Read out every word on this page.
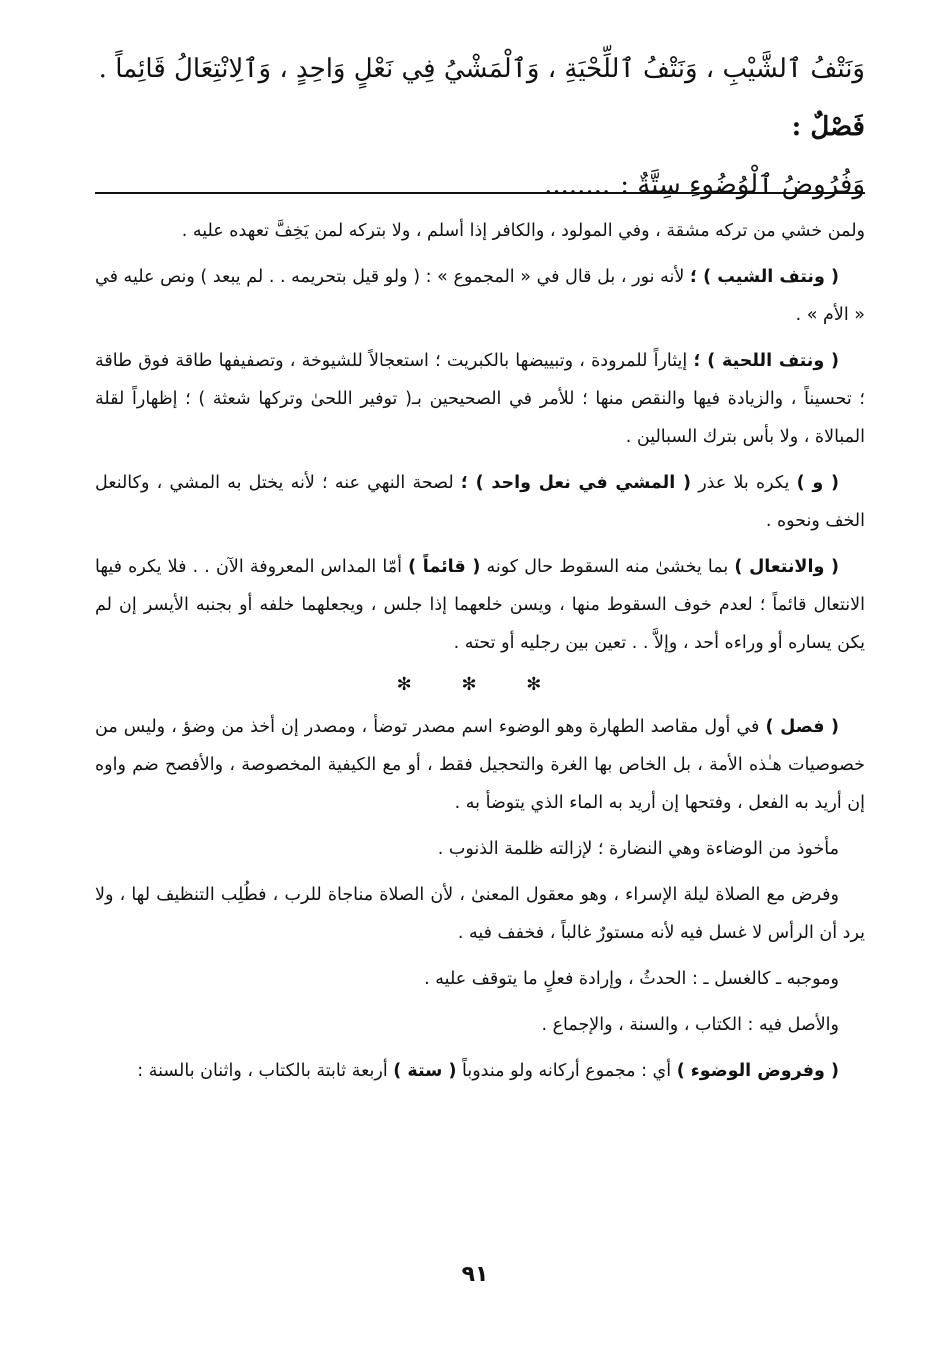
وَنَتْفُ ٱلشَّيْبِ ، وَنَتْفُ ٱللِّحْيَةِ ، وَٱلْمَشْيُ فِي نَعْلٍ وَاحِدٍ ، وَٱلِانْتِعَالُ قَائِماً .
فَصْلٌ :
وَفُرُوضُ ٱلْوُضُوءِ سِتَّةٌ :........

ولمن خشي من تركه مشقة ، وفي المولود ، والكافر إذا أسلم ، ولا بتركه لمن يَخِفَّ تعهده عليه .

( ونتف الشيب ) ؛ لأنه نور ، بل قال في « المجموع » : ( ولو قيل بتحريمه . . لم يبعد ) ونص عليه في « الأم » .

( ونتف اللحية ) ؛ إيثاراً للمرودة ، وتبييضها بالكبريت ؛ استعجالاً للشيوخة ، وتصفيفها طاقة فوق طاقة ؛ تحسيناً ، والزيادة فيها والنقص منها ؛ للأمر في الصحيحين بـ( توفير اللحىٰ وتركها شعثة ) ؛ إظهاراً لقلة المبالاة ، ولا بأس بترك السبالين .

( و ) يكره بلا عذر ( المشي في نعل واحد ) ؛ لصحة النهي عنه ؛ لأنه يختل به المشي ، وكالنعل الخف ونحوه .

( والانتعال ) بما يخشىٰ منه السقوط حال كونه ( قائماً ) أمّا المداس المعروفة الآن . . فلا يكره فيها الانتعال قائماً ؛ لعدم خوف السقوط منها ، ويسن خلعهما إذا جلس ، ويجعلهما خلفه أو بجنبه الأيسر إن لم يكن يساره أو وراءه أحد ، وإلاَّ . . تعين بين رجليه أو تحته .

✻ ✻ ✻

( فصل ) في أول مقاصد الطهارة وهو الوضوء اسم مصدر توضأ ، ومصدر إن أخذ من وضؤ ، وليس من خصوصيات هـٰذه الأمة ، بل الخاص بها الغرة والتحجيل فقط ، أو مع الكيفية المخصوصة ، والأفصح ضم واوه إن أريد به الفعل ، وفتحها إن أريد به الماء الذي يتوضأ به .

مأخوذ من الوضاءة وهي النضارة ؛ لإزالته ظلمة الذنوب .

وفرض مع الصلاة ليلة الإسراء ، وهو معقول المعنىٰ ، لأن الصلاة مناجاة للرب ، فطُلِب التنظيف لها ، ولا يرد أن الرأس لا غسل فيه لأنه مستورٌ غالباً ، فخفف فيه .

وموجبه ـ كالغسل ـ : الحدثُ ، وإرادة فعلٍ ما يتوقف عليه .

والأصل فيه : الكتاب ، والسنة ، والإجماع .

( وفروض الوضوء ) أي : مجموع أركانه ولو مندوباً ( ستة ) أربعة ثابتة بالكتاب ، واثنان بالسنة :

٩١
